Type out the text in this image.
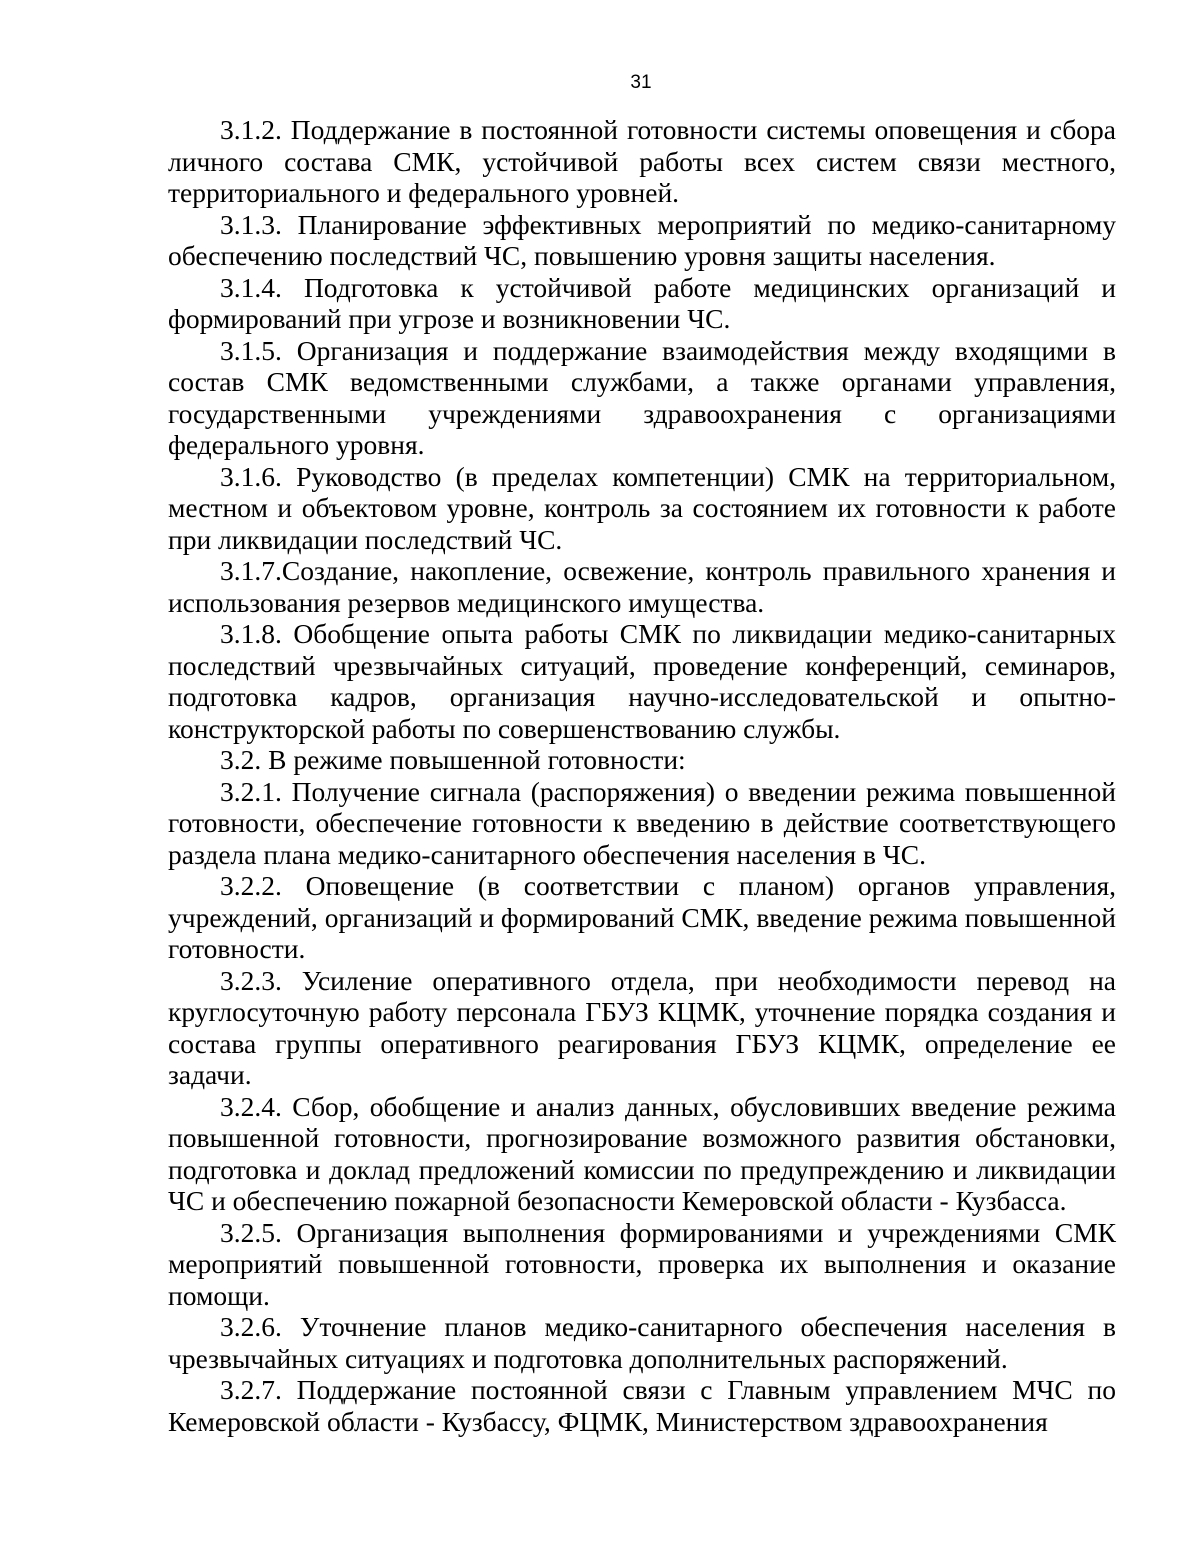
31

3.1.2. Поддержание в постоянной готовности системы оповещения и сбора личного состава СМК, устойчивой работы всех систем связи местного, территориального и федерального уровней.

3.1.3. Планирование эффективных мероприятий по медико-санитарному обеспечению последствий ЧС, повышению уровня защиты населения.

3.1.4. Подготовка к устойчивой работе медицинских организаций и формирований при угрозе и возникновении ЧС.

3.1.5. Организация и поддержание взаимодействия между входящими в состав СМК ведомственными службами, а также органами управления, государственными учреждениями здравоохранения с организациями федерального уровня.

3.1.6. Руководство (в пределах компетенции) СМК на территориальном, местном и объектовом уровне, контроль за состоянием их готовности к работе при ликвидации последствий ЧС.

3.1.7.Создание, накопление, освежение, контроль правильного хранения и использования резервов медицинского имущества.

3.1.8. Обобщение опыта работы СМК по ликвидации медико-санитарных последствий чрезвычайных ситуаций, проведение конференций, семинаров, подготовка кадров, организация научно-исследовательской и опытно-конструкторской работы по совершенствованию службы.

3.2. В режиме повышенной готовности:

3.2.1. Получение сигнала (распоряжения) о введении режима повышенной готовности, обеспечение готовности к введению в действие соответствующего раздела плана медико-санитарного обеспечения населения в ЧС.

3.2.2. Оповещение (в соответствии с планом) органов управления, учреждений, организаций и формирований СМК, введение режима повышенной готовности.

3.2.3. Усиление оперативного отдела, при необходимости перевод на круглосуточную работу персонала ГБУЗ КЦМК, уточнение порядка создания и состава группы оперативного реагирования ГБУЗ КЦМК, определение ее задачи.

3.2.4. Сбор, обобщение и анализ данных, обусловивших введение режима повышенной готовности, прогнозирование возможного развития обстановки, подготовка и доклад предложений комиссии по предупреждению и ликвидации ЧС и обеспечению пожарной безопасности Кемеровской области - Кузбасса.

3.2.5. Организация выполнения формированиями и учреждениями СМК мероприятий повышенной готовности, проверка их выполнения и оказание помощи.

3.2.6. Уточнение планов медико-санитарного обеспечения населения в чрезвычайных ситуациях и подготовка дополнительных распоряжений.

3.2.7. Поддержание постоянной связи с Главным управлением МЧС по Кемеровской области - Кузбассу, ФЦМК, Министерством здравоохранения
